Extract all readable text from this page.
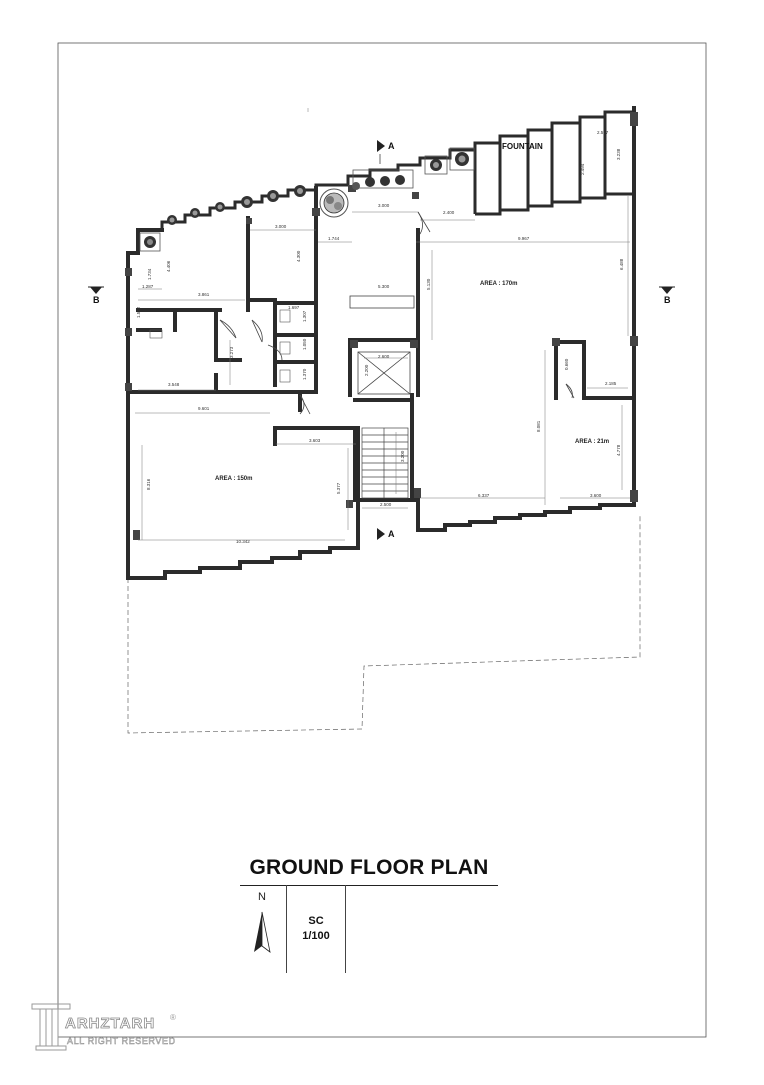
A
A
B	B
FOUNTAIN
AREA : 170m
AREA : 150m
AREA : 21m
2.567
3.238
2.494
3.000
2.400
9.967
1.744
3.000
4.300
4.406
1.734
1.287
3.861
1.532
5.130
5.300
6.488
1.697
1.307
1.050
1.370
3.273
3.548
2.600
2.200
0.660
2.185
9.601
3.603
8.081
4.778
3.200
8.316	5.377
6.337	3.600
2.500
10.342
GROUND FLOOR PLAN
N
SC
1/100
ARHZTARH
ALL RIGHT RESERVED
®
